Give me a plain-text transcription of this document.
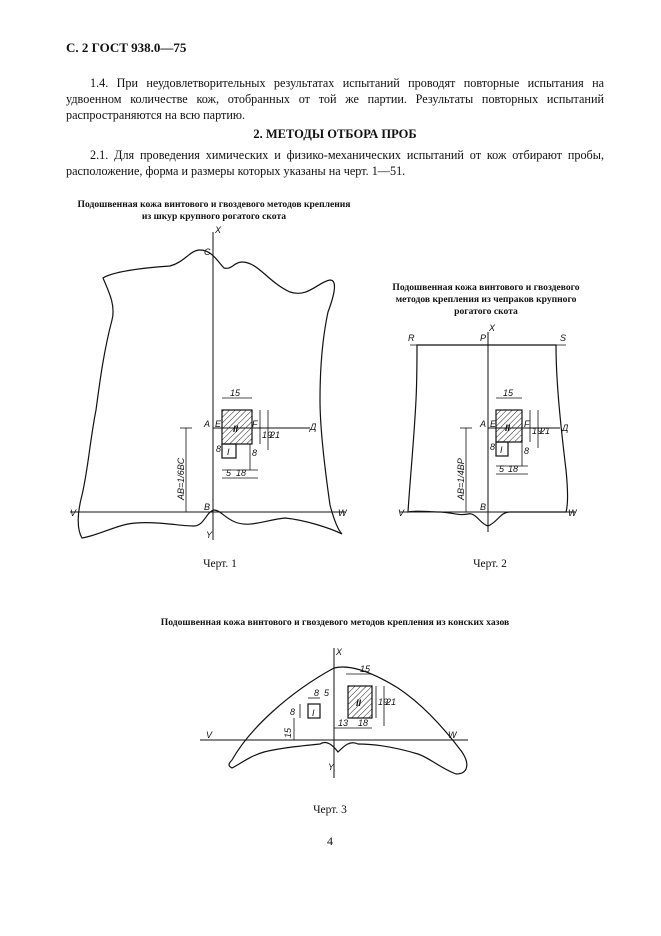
С. 2 ГОСТ 938.0—75
1.4. При неудовлетворительных результатах испытаний проводят повторные испытания на удвоенном количестве кож, отобранных от той же партии. Результаты повторных испытаний распространяются на всю партию.
2. МЕТОДЫ ОТБОРА ПРОБ
2.1. Для проведения химических и физико-механических испытаний от кож отбирают пробы, расположение, форма и размеры которых указаны на черт. 1—51.
Подошвенная кожа винтового и гвоздевого методов крепления
из шкур крупного рогатого скота
Подошвенная кожа винтового и гвоздевого
методов крепления из чепраков крупного
рогатого скота
Подошвенная кожа винтового и гвоздевого методов крепления из конских хазов
X
C
V	W
A
B
E	F	Д
I
II
15
19
21
8
8
5 18
Y
AB=1/6BC
X
R	P	S
V	W
A
B
E	F	Д
I
II
15
19
21
8
8
5 18
AB=1/4BP
X
Y
V	W
I
II
15
19
21
8
8
5
13 18
15
Черт. 1	Черт. 2
Черт. 3
4
